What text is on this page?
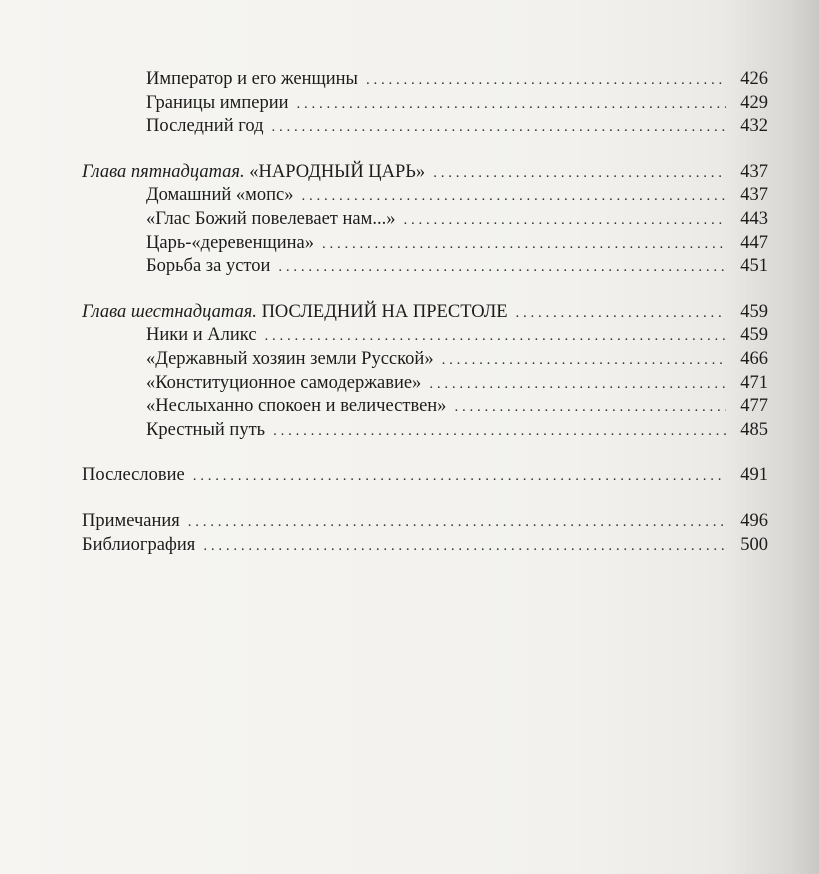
Император и его женщины . . .	426
Границы империи . . .	429
Последний год . . .	432
Глава пятнадцатая. «НАРОДНЫЙ ЦАРЬ» . . .	437
Домашний «мопс» . . .	437
«Глас Божий повелевает нам...» . . .	443
Царь-«деревенщина» . . .	447
Борьба за устои . . .	451
Глава шестнадцатая. ПОСЛЕДНИЙ НА ПРЕСТОЛЕ . . .	459
Ники и Аликс . . .	459
«Державный хозяин земли Русской» . . .	466
«Конституционное самодержавие» . . .	471
«Неслыханно спокоен и величествен» . . .	477
Крестный путь . . .	485
Послесловие . . .	491
Примечания . . .	496
Библиография . . .	500
